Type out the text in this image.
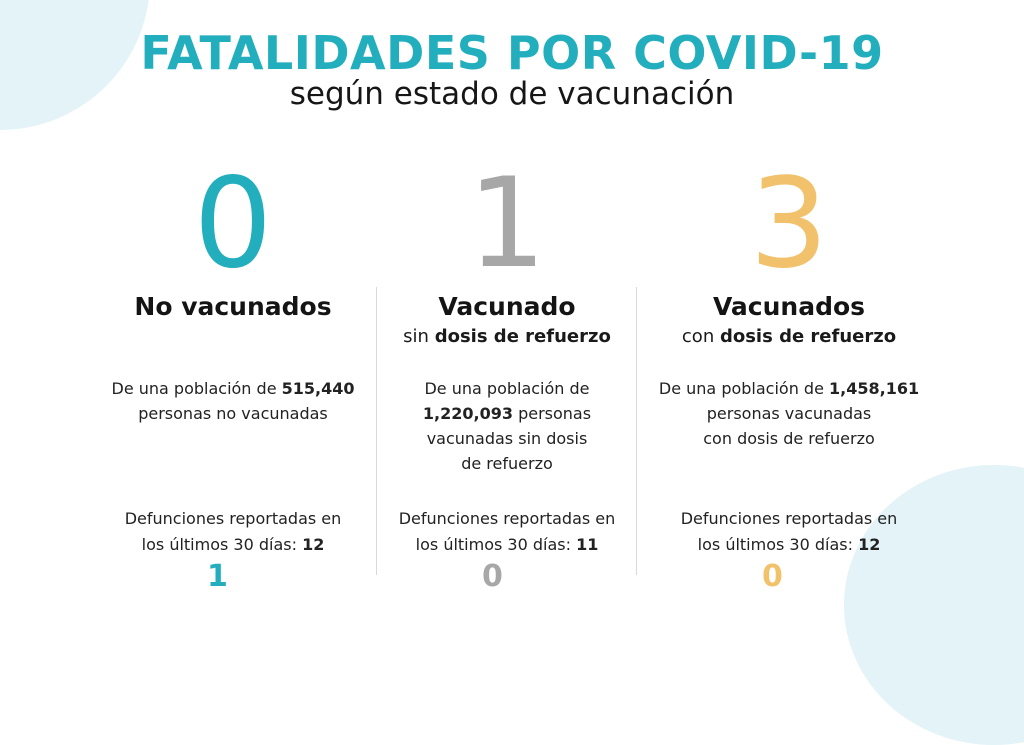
FATALIDADES POR COVID-19
según estado de vacunación
0
No vacunados
De una población de 515,440
personas no vacunadas
Defunciones reportadas en
los últimos 30 días: 12
1
Vacunado
sin dosis de refuerzo
De una población de
1,220,093 personas
vacunadas sin dosis
de refuerzo
Defunciones reportadas en
los últimos 30 días: 11
3
Vacunados
con dosis de refuerzo
De una población de 1,458,161
personas vacunadas
con dosis de refuerzo
Defunciones reportadas en
los últimos 30 días: 12
1	0	0
